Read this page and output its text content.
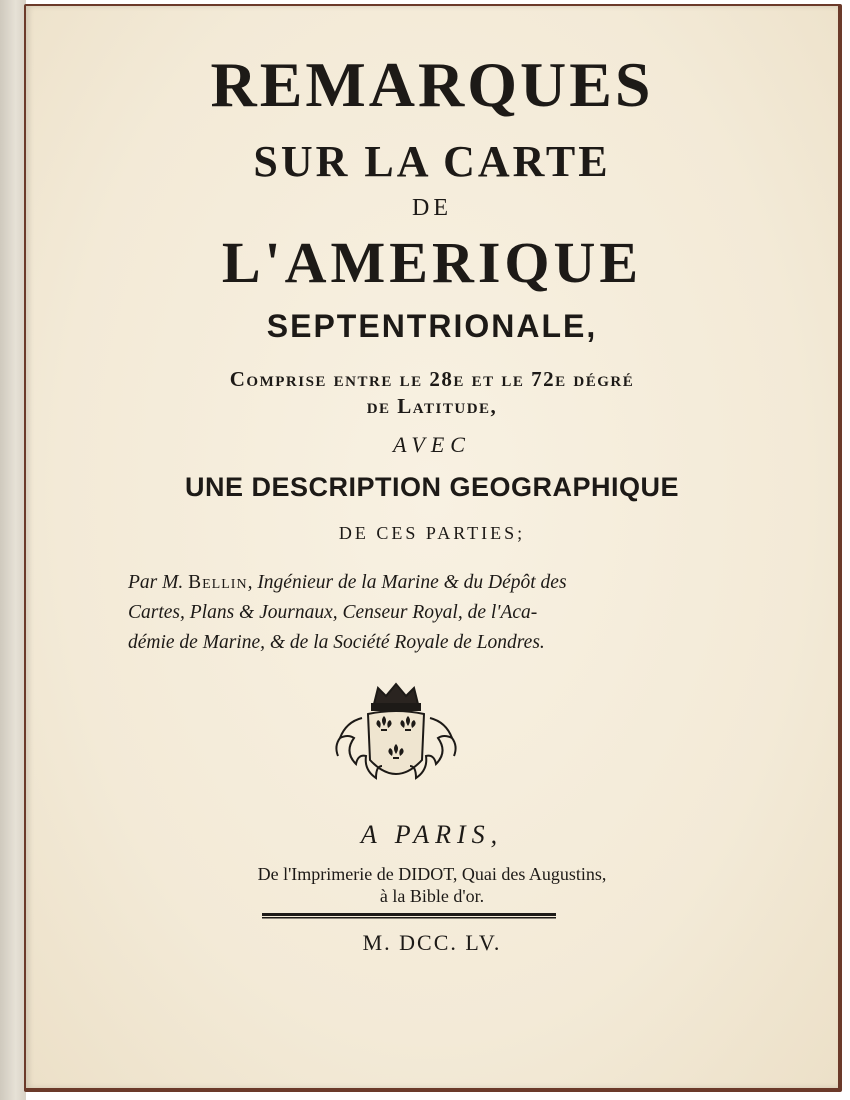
REMARQUES
SUR LA CARTE
DE
L'AMERIQUE
SEPTENTRIONALE,
Comprise entre le 28e et le 72e dégré
de Latitude,
AVEC
UNE DESCRIPTION GEOGRAPHIQUE
DE CES PARTIES;
Par M. Bellin, Ingénieur de la Marine & du Dépôt des
Cartes, Plans & Journaux, Censeur Royal, de l'Aca-
démie de Marine, & de la Société Royale de Londres.
A PARIS,
De l'Imprimerie de DIDOT, Quai des Augustins,
à la Bible d'or.
M. DCC. LV.
